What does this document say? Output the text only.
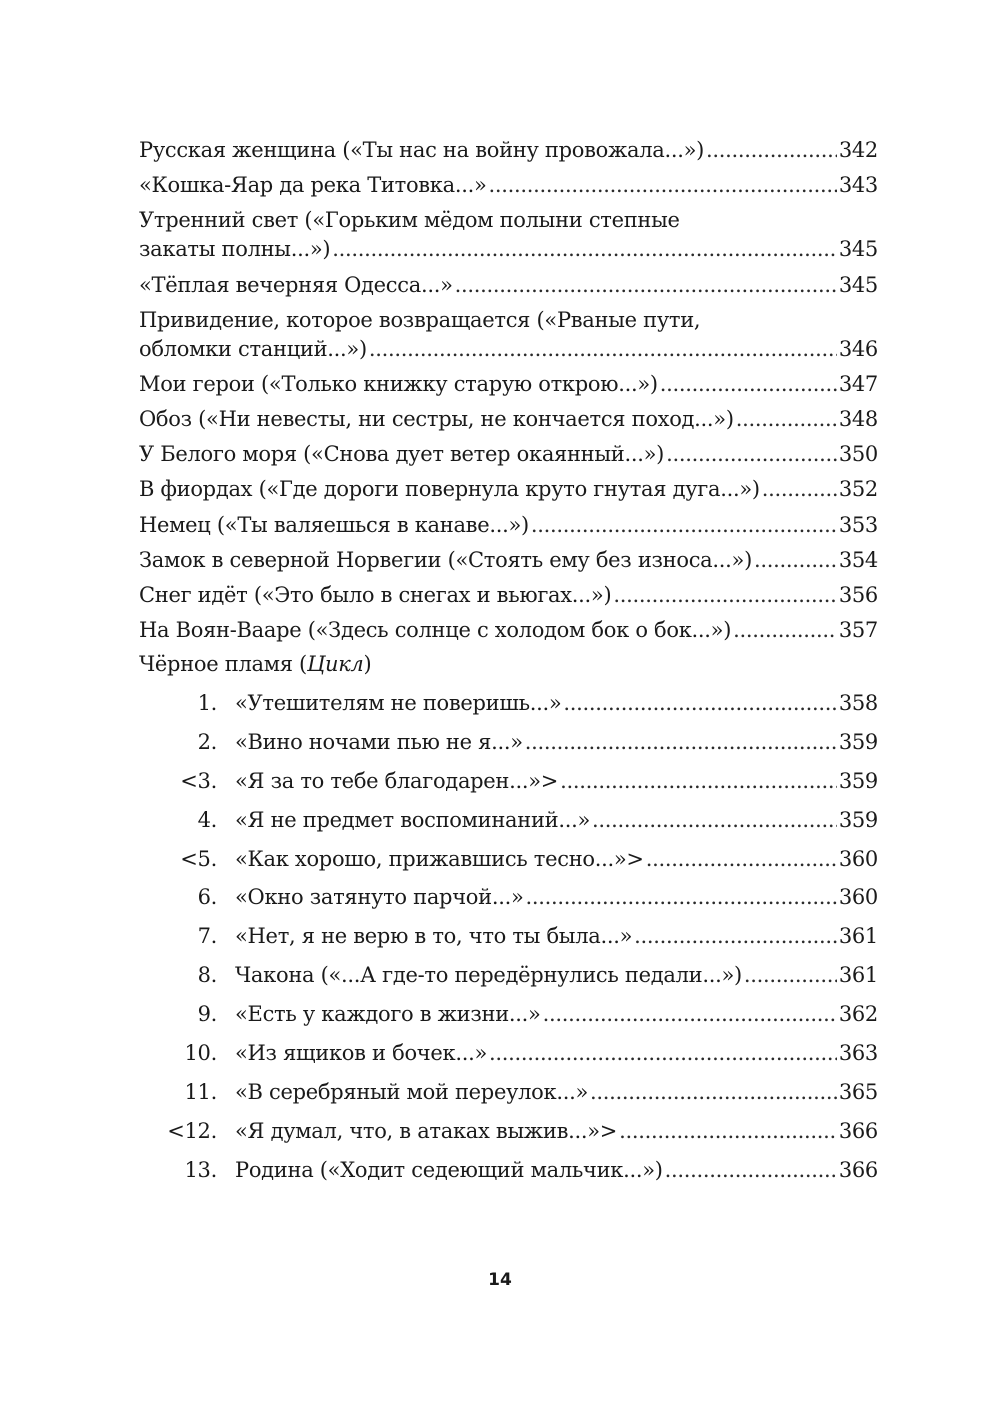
Русская женщина («Ты нас на войну провожала...») .....	342
«Кошка-Яар да река Титовка...» .....	343
Утренний свет («Горьким мёдом полыни степные
закаты полны...») .....	345
«Тёплая вечерняя Одесса...» .....	345
Привидение, которое возвращается («Рваные пути,
обломки станций...») .....	346
Мои герои («Только книжку старую открою...») .....	347
Обоз («Ни невесты, ни сестры, не кончается поход...») .....	348
У Белого моря («Снова дует ветер окаянный...») .....	350
В фиордах («Где дороги повернула круто гнутая дуга...») .....	352
Немец («Ты валяешься в канаве...») .....	353
Замок в северной Норвегии («Стоять ему без износа...») .....	354
Снег идёт («Это было в снегах и вьюгах...») .....	356
На Воян-Вааре («Здесь солнце с холодом бок о бок...») .....	357
Чёрное пламя (Цикл)
1. «Утешителям не поверишь...» .....	358
2. «Вино ночами пью не я...» .....	359
<3. «Я за то тебе благодарен...»> .....	359
4. «Я не предмет воспоминаний...» .....	359
<5. «Как хорошо, прижавшись тесно...»> .....	360
6. «Окно затянуто парчой...» .....	360
7. «Нет, я не верю в то, что ты была...» .....	361
8. Чакона («...А где-то передёрнулись педали...») .....	361
9. «Есть у каждого в жизни...» .....	362
10. «Из ящиков и бочек...» .....	363
11. «В серебряный мой переулок...» .....	365
<12. «Я думал, что, в атаках выжив...»> .....	366
13. Родина («Ходит седеющий мальчик...») .....	366
14
